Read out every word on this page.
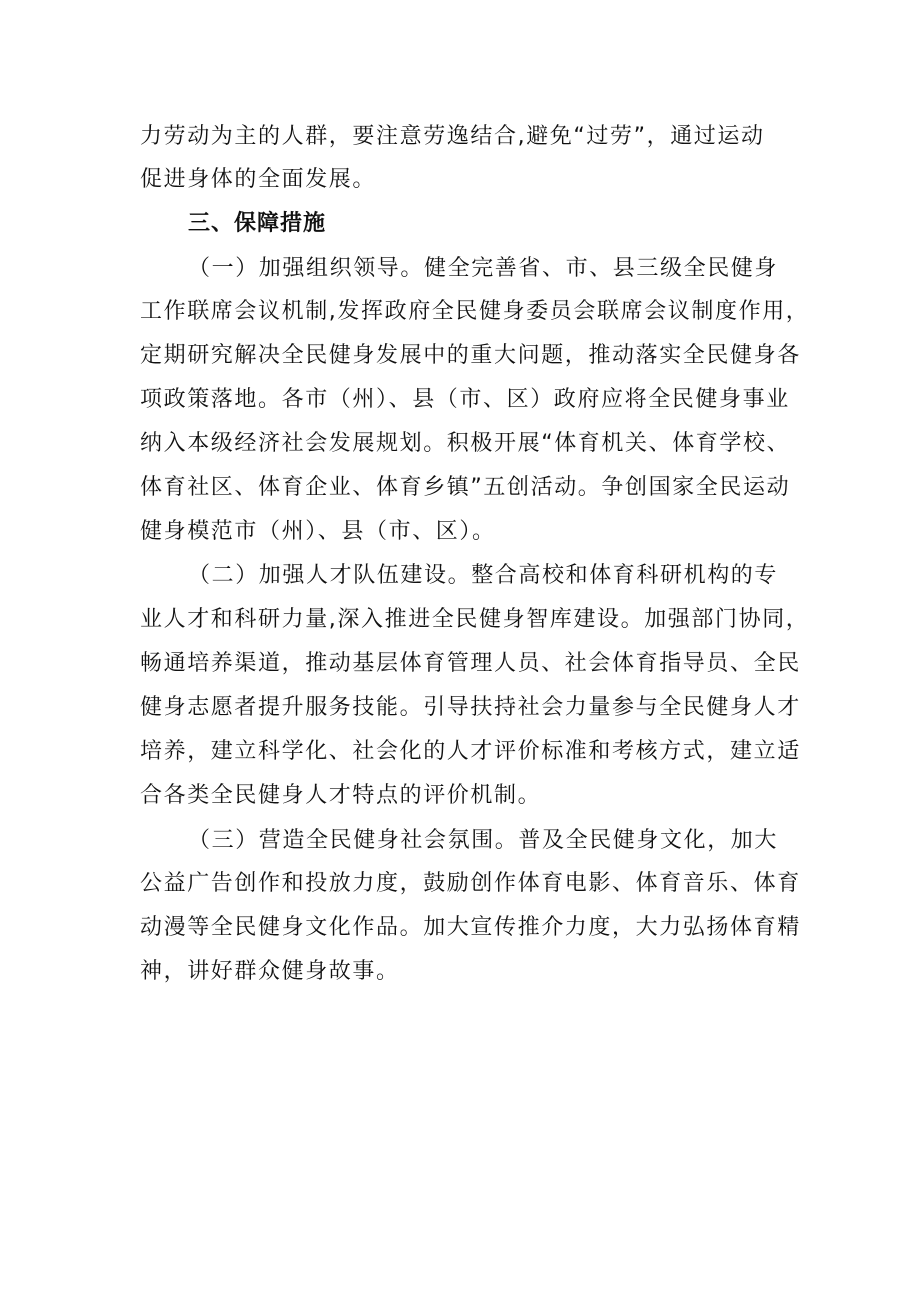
力劳动为主的人群，要注意劳逸结合,避免“过劳”，通过运动
促进身体的全面发展。
三、保障措施
（一）加强组织领导。健全完善省、市、县三级全民健身
工作联席会议机制,发挥政府全民健身委员会联席会议制度作用，
定期研究解决全民健身发展中的重大问题，推动落实全民健身各
项政策落地。各市（州）、县（市、区）政府应将全民健身事业
纳入本级经济社会发展规划。积极开展“体育机关、体育学校、
体育社区、体育企业、体育乡镇”五创活动。争创国家全民运动
健身模范市（州）、县（市、区）。
（二）加强人才队伍建设。整合高校和体育科研机构的专
业人才和科研力量,深入推进全民健身智库建设。加强部门协同，
畅通培养渠道，推动基层体育管理人员、社会体育指导员、全民
健身志愿者提升服务技能。引导扶持社会力量参与全民健身人才
培养，建立科学化、社会化的人才评价标准和考核方式，建立适
合各类全民健身人才特点的评价机制。
（三）营造全民健身社会氛围。普及全民健身文化，加大
公益广告创作和投放力度，鼓励创作体育电影、体育音乐、体育
动漫等全民健身文化作品。加大宣传推介力度，大力弘扬体育精
神，讲好群众健身故事。
